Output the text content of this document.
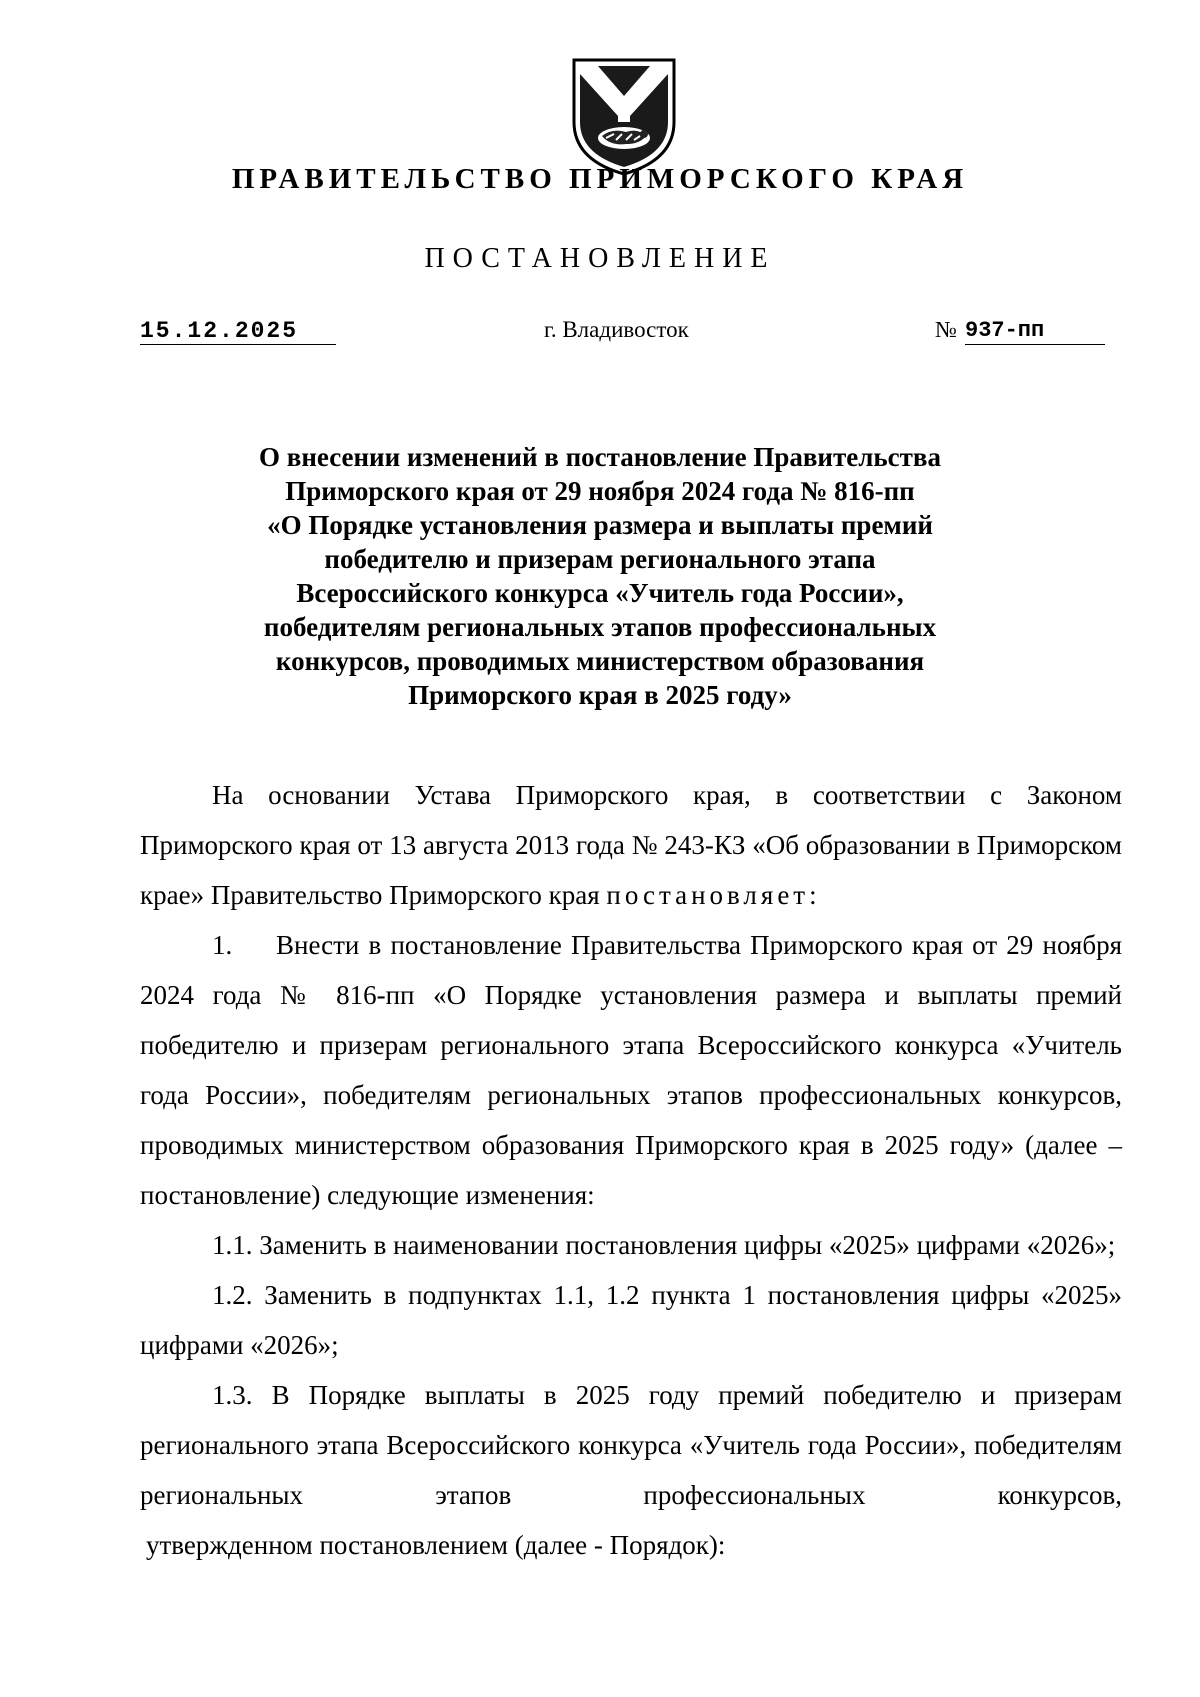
ПРАВИТЕЛЬСТВО ПРИМОРСКОГО КРАЯ
ПОСТАНОВЛЕНИЕ
15.12.2025	г. Владивосток	№ 937-пп
О внесении изменений в постановление Правительства
Приморского края от 29 ноября 2024 года № 816-пп
«О Порядке установления размера и выплаты премий
победителю и призерам регионального этапа
Всероссийского конкурса «Учитель года России»,
победителям региональных этапов профессиональных
конкурсов, проводимых министерством образования
Приморского края в 2025 году»

На основании Устава Приморского края, в соответствии с Законом Приморского края от 13 августа 2013 года № 243-КЗ «Об образовании в Приморском крае» Правительство Приморского края постановляет:

1. Внести в постановление Правительства Приморского края от 29 ноября 2024 года № 816-пп «О Порядке установления размера и выплаты премий победителю и призерам регионального этапа Всероссийского конкурса «Учитель года России», победителям региональных этапов профессиональных конкурсов, проводимых министерством образования Приморского края в 2025 году» (далее – постановление) следующие изменения:

1.1. Заменить в наименовании постановления цифры «2025» цифрами «2026»;

1.2. Заменить в подпунктах 1.1, 1.2 пункта 1 постановления цифры «2025» цифрами «2026»;

1.3. В Порядке выплаты в 2025 году премий победителю и призерам регионального этапа Всероссийского конкурса «Учитель года России», победителям региональных этапов профессиональных конкурсов,

утвержденном постановлением (далее - Порядок):
